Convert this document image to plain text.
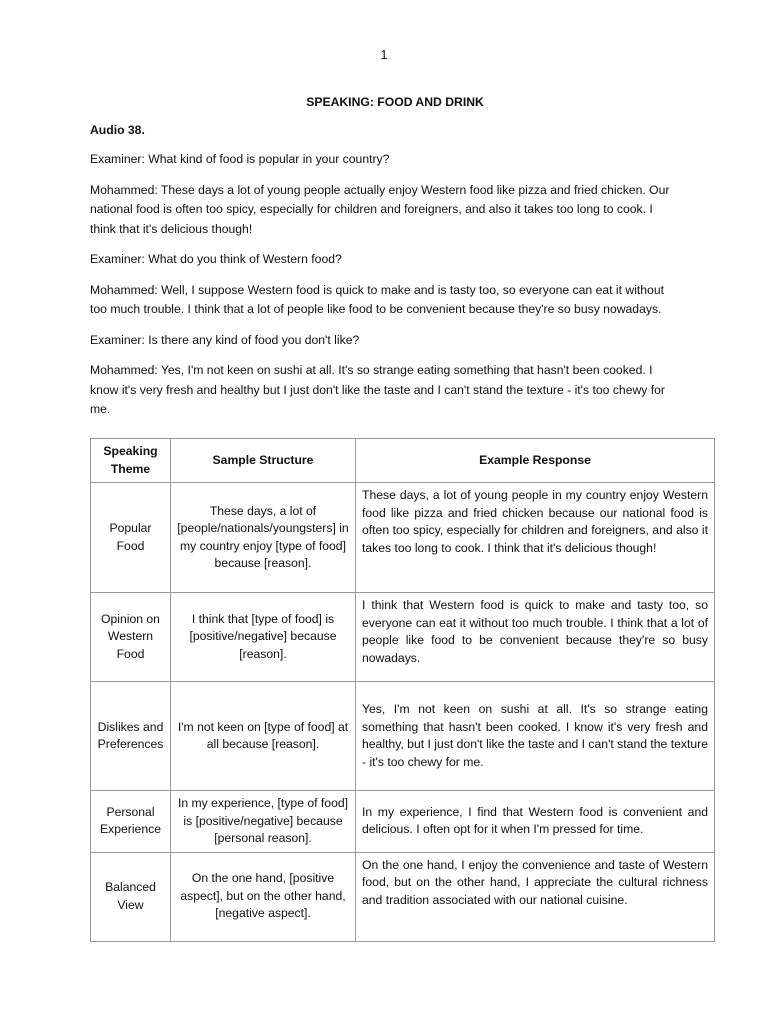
1

SPEAKING: FOOD AND DRINK

Audio 38.

Examiner: What kind of food is popular in your country?

Mohammed: These days a lot of young people actually enjoy Western food like pizza and fried chicken. Our national food is often too spicy, especially for children and foreigners, and also it takes too long to cook. I think that it's delicious though!

Examiner: What do you think of Western food?

Mohammed: Well, I suppose Western food is quick to make and is tasty too, so everyone can eat it without too much trouble. I think that a lot of people like food to be convenient because they're so busy nowadays.

Examiner: Is there any kind of food you don't like?

Mohammed: Yes, I'm not keen on sushi at all. It's so strange eating something that hasn't been cooked. I know it's very fresh and healthy but I just don't like the taste and I can't stand the texture - it's too chewy for me.

Speaking Theme	Sample Structure	Example Response
Popular Food	These days, a lot of [people/nationals/youngsters] in my country enjoy [type of food] because [reason].	These days, a lot of young people in my country enjoy Western food like pizza and fried chicken because our national food is often too spicy, especially for children and foreigners, and also it takes too long to cook. I think that it's delicious though!
Opinion on Western Food	I think that [type of food] is [positive/negative] because [reason].	I think that Western food is quick to make and tasty too, so everyone can eat it without too much trouble. I think that a lot of people like food to be convenient because they're so busy nowadays.
Dislikes and Preferences	I'm not keen on [type of food] at all because [reason].	Yes, I'm not keen on sushi at all. It's so strange eating something that hasn't been cooked. I know it's very fresh and healthy, but I just don't like the taste and I can't stand the texture - it's too chewy for me.
Personal Experience	In my experience, [type of food] is [positive/negative] because [personal reason].	In my experience, I find that Western food is convenient and delicious. I often opt for it when I'm pressed for time.
Balanced View	On the one hand, [positive aspect], but on the other hand, [negative aspect].	On the one hand, I enjoy the convenience and taste of Western food, but on the other hand, I appreciate the cultural richness and tradition associated with our national cuisine.
